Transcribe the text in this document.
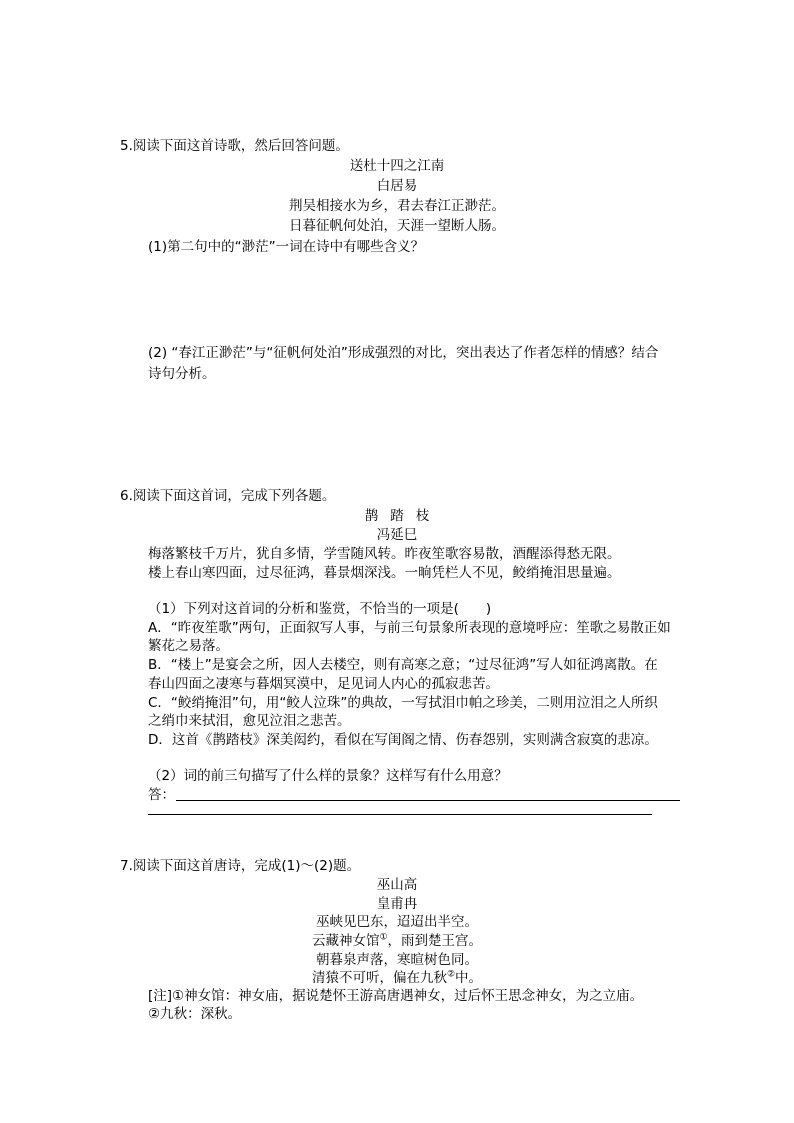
5.阅读下面这首诗歌，然后回答问题。
送杜十四之江南
白居易
荆吴相接水为乡，君去春江正渺茫。
日暮征帆何处泊，天涯一望断人肠。
(1)第二句中的“渺茫”一词在诗中有哪些含义？
(2) “春江正渺茫”与“征帆何处泊”形成强烈的对比，突出表达了作者怎样的情感？结合
诗句分析。
6.阅读下面这首词，完成下列各题。
鹊踏枝
冯延巳
梅落繁枝千万片，犹自多情，学雪随风转。昨夜笙歌容易散，酒醒添得愁无限。
楼上春山寒四面，过尽征鸿，暮景烟深浅。一晌凭栏人不见，鲛绡掩泪思量遍。
（1）下列对这首词的分析和鉴赏，不恰当的一项是(　　)
A．“昨夜笙歌”两句，正面叙写人事，与前三句景象所表现的意境呼应：笙歌之易散正如
繁花之易落。
B．“楼上”是宴会之所，因人去楼空，则有高寒之意；“过尽征鸿”写人如征鸿离散。在
春山四面之凄寒与暮烟冥漠中，足见词人内心的孤寂悲苦。
C．“鲛绡掩泪”句，用“鲛人泣珠”的典故，一写拭泪巾帕之珍美，二则用泣泪之人所织
之绡巾来拭泪，愈见泣泪之悲苦。
D．这首《鹊踏枝》深美闳约，看似在写闺阁之情、伤春怨别，实则满含寂寞的悲凉。
（2）词的前三句描写了什么样的景象？这样写有什么用意？
答：
7.阅读下面这首唐诗，完成(1)～(2)题。
巫山高
皇甫冉
巫峡见巴东，迢迢出半空。
云藏神女馆①，雨到楚王宫。
朝暮泉声落，寒暄树色同。
清猿不可听，偏在九秋②中。
[注]①神女馆：神女庙，据说楚怀王游高唐遇神女，过后怀王思念神女，为之立庙。
②九秋：深秋。
